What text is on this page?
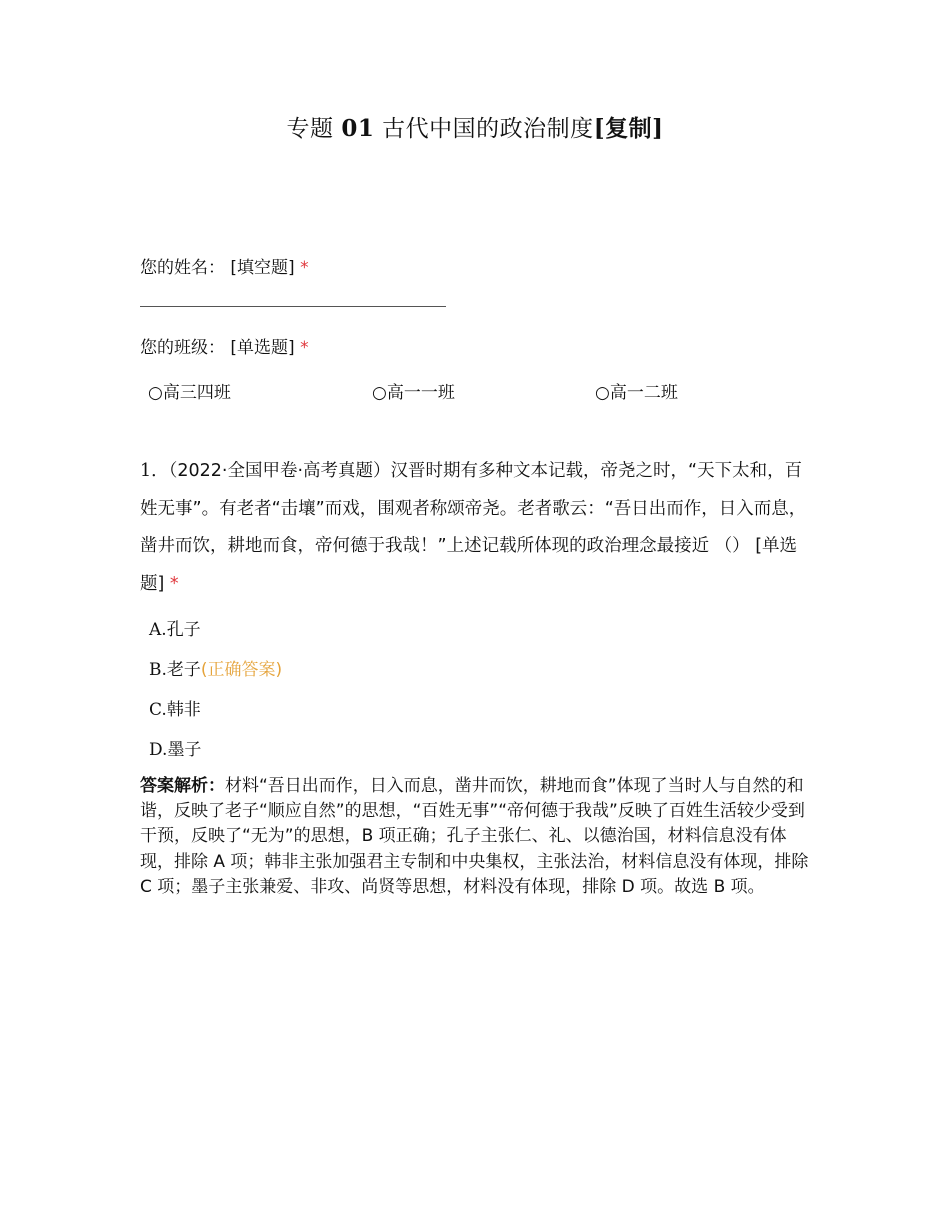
专题 01 古代中国的政治制度[复制]
您的姓名： [填空题] *
您的班级： [单选题] *
○高三四班	○高一一班	○高一二班
1．（2022·全国甲卷·高考真题）汉晋时期有多种文本记载，帝尧之时，“天下太和，百姓无事”。有老者“击壤”而戏，围观者称颂帝尧。老者歌云：“吾日出而作，日入而息，凿井而饮，耕地而食，帝何德于我哉！”上述记载所体现的政治理念最接近 （） [单选题] *
A.孔子
B.老子(正确答案)
C.韩非
D.墨子
答案解析：材料“吾日出而作，日入而息，凿井而饮，耕地而食”体现了当时人与自然的和谐，反映了老子“顺应自然”的思想，“百姓无事”“帝何德于我哉”反映了百姓生活较少受到干预，反映了“无为”的思想，B 项正确；孔子主张仁、礼、以德治国，材料信息没有体现，排除 A 项；韩非主张加强君主专制和中央集权，主张法治，材料信息没有体现，排除 C 项；墨子主张兼爱、非攻、尚贤等思想，材料没有体现，排除 D 项。故选 B 项。
